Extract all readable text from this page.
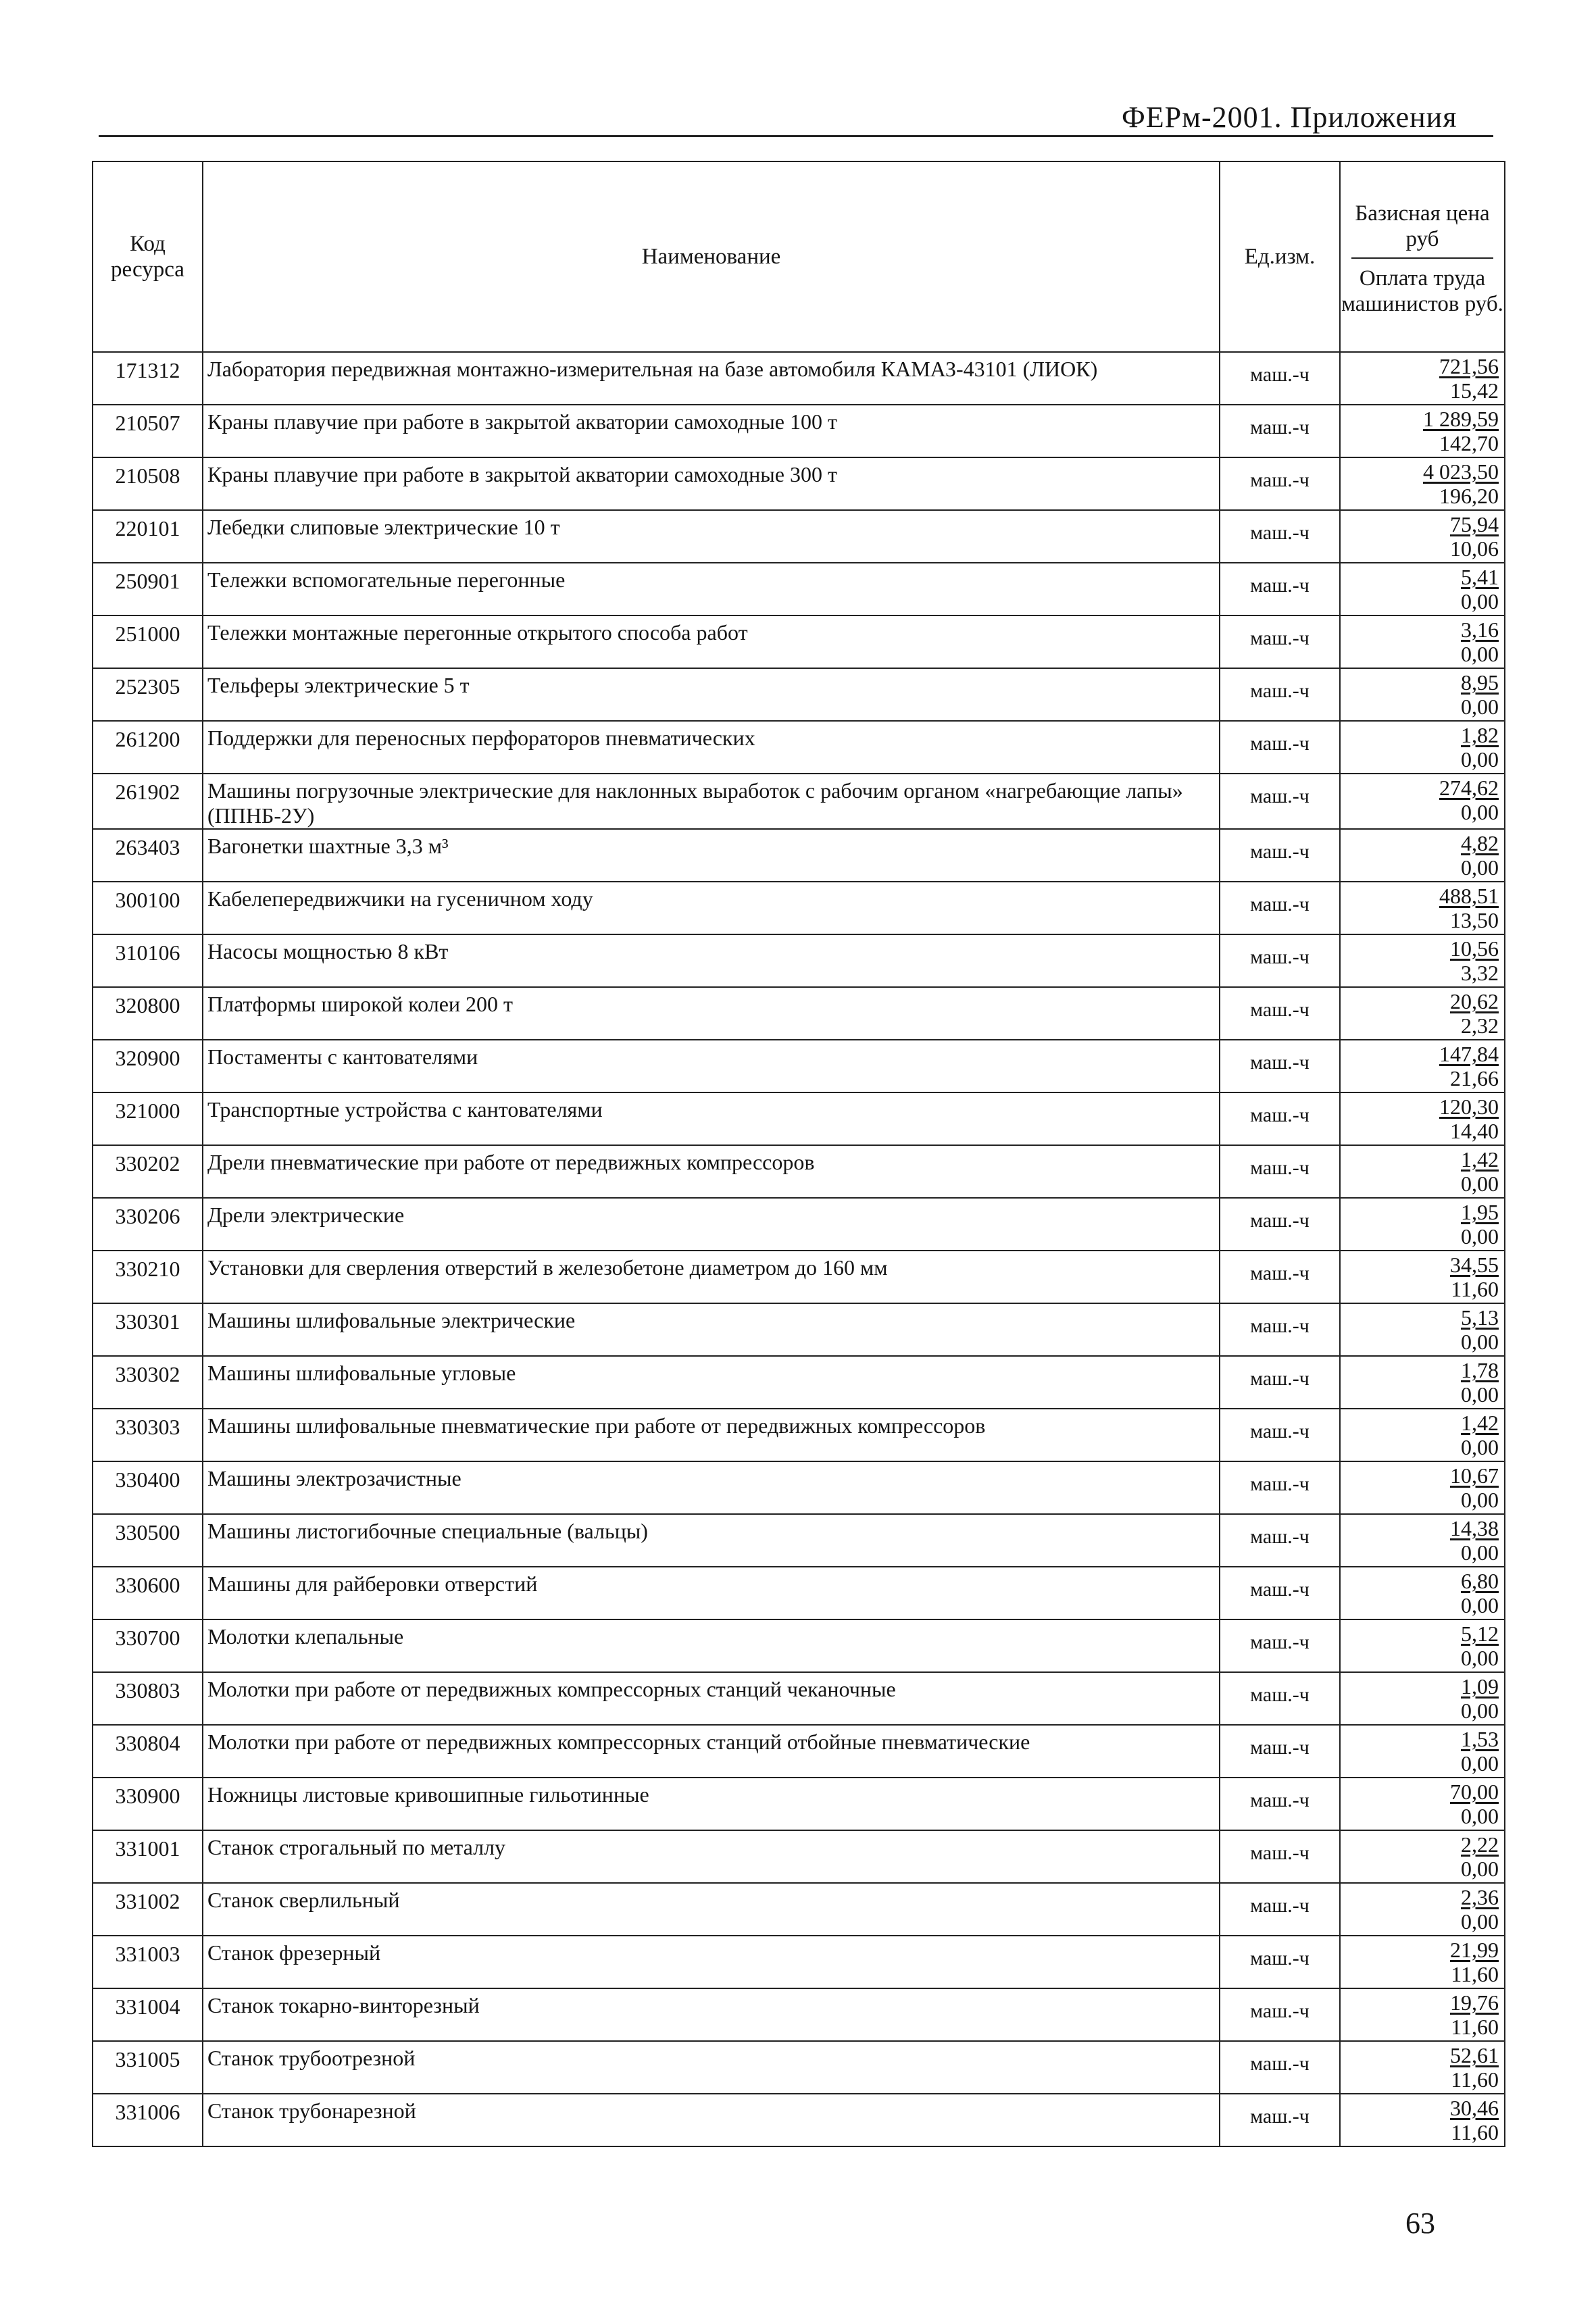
ФЕРм-2001. Приложения
Код ресурса	Наименование	Ед.изм.	Базисная цена руб
Оплата труда машинистов руб.

171312	Лаборатория передвижная монтажно-измерительная на базе автомобиля КАМАЗ-43101 (ЛИОК)	маш.-ч	721,56
15,42

210507	Краны плавучие при работе в закрытой акватории самоходные 100 т	маш.-ч	1 289,59
142,70

210508	Краны плавучие при работе в закрытой акватории самоходные 300 т	маш.-ч	4 023,50
196,20

220101	Лебедки слиповые электрические 10 т	маш.-ч	75,94
10,06

250901	Тележки вспомогательные перегонные	маш.-ч	5,41
0,00

251000	Тележки монтажные перегонные открытого способа работ	маш.-ч	3,16
0,00

252305	Тельферы электрические 5 т	маш.-ч	8,95
0,00

261200	Поддержки для переносных перфораторов пневматических	маш.-ч	1,82
0,00

261902	Машины погрузочные электрические для наклонных выработок с рабочим органом «нагребающие лапы» (ППНБ-2У)	маш.-ч	274,62
0,00

263403	Вагонетки шахтные 3,3 м³	маш.-ч	4,82
0,00

300100	Кабелепередвижчики на гусеничном ходу	маш.-ч	488,51
13,50

310106	Насосы мощностью 8 кВт	маш.-ч	10,56
3,32

320800	Платформы широкой колеи 200 т	маш.-ч	20,62
2,32

320900	Постаменты с кантователями	маш.-ч	147,84
21,66

321000	Транспортные устройства с кантователями	маш.-ч	120,30
14,40

330202	Дрели пневматические при работе от передвижных компрессоров	маш.-ч	1,42
0,00

330206	Дрели электрические	маш.-ч	1,95
0,00

330210	Установки для сверления отверстий в железобетоне диаметром до 160 мм	маш.-ч	34,55
11,60

330301	Машины шлифовальные электрические	маш.-ч	5,13
0,00

330302	Машины шлифовальные угловые	маш.-ч	1,78
0,00

330303	Машины шлифовальные пневматические при работе от передвижных компрессоров	маш.-ч	1,42
0,00

330400	Машины электрозачистные	маш.-ч	10,67
0,00

330500	Машины листогибочные специальные (вальцы)	маш.-ч	14,38
0,00

330600	Машины для райберовки отверстий	маш.-ч	6,80
0,00

330700	Молотки клепальные	маш.-ч	5,12
0,00

330803	Молотки при работе от передвижных компрессорных станций чеканочные	маш.-ч	1,09
0,00

330804	Молотки при работе от передвижных компрессорных станций отбойные пневматические	маш.-ч	1,53
0,00

330900	Ножницы листовые кривошипные гильотинные	маш.-ч	70,00
0,00

331001	Станок строгальный по металлу	маш.-ч	2,22
0,00

331002	Станок сверлильный	маш.-ч	2,36
0,00

331003	Станок фрезерный	маш.-ч	21,99
11,60

331004	Станок токарно-винторезный	маш.-ч	19,76
11,60

331005	Станок трубоотрезной	маш.-ч	52,61
11,60

331006	Станок трубонарезной	маш.-ч	30,46
11,60
63
